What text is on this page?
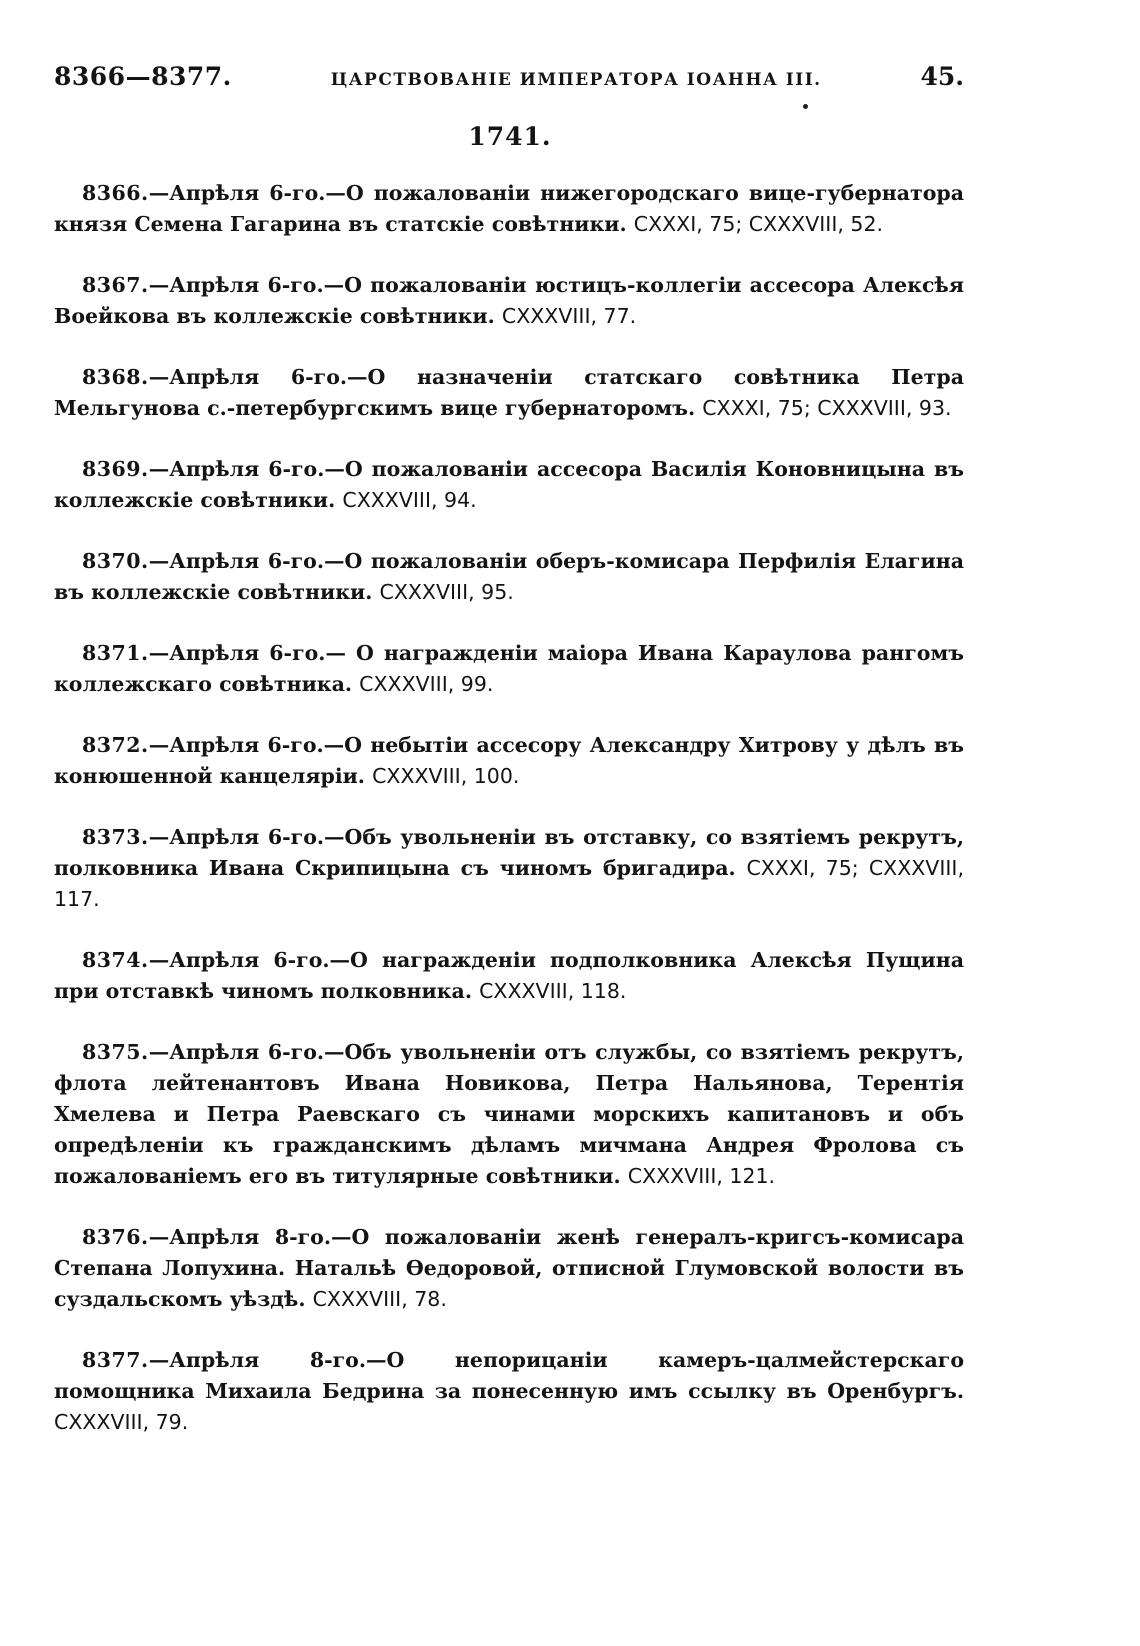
8366—8377.	ЦАРСТВОВАНІЕ ИМПЕРАТОРА ІОАННА III.	45.
1741.

8366.—Апрѣля 6-го.—О пожалованіи нижегородскаго вице-губернатора князя Семена Гагарина въ статскіе совѣтники. CXXXI, 75; CXXXVIII, 52.

8367.—Апрѣля 6-го.—О пожалованіи юстицъ-коллегіи ассесора Алексѣя Воейкова въ коллежскіе совѣтники. CXXXVIII, 77.

8368.—Апрѣля 6-го.—О назначеніи статскаго совѣтника Петра Мельгунова с.-петербургскимъ вице губернаторомъ. CXXXI, 75; CXXXVIII, 93.

8369.—Апрѣля 6-го.—О пожалованіи ассесора Василія Коновницына въ коллежскіе совѣтники. CXXXVIII, 94.

8370.—Апрѣля 6-го.—О пожалованіи оберъ-комисара Перфилія Елагина въ коллежскіе совѣтники. CXXXVIII, 95.

8371.—Апрѣля 6-го.— О награжденіи маіора Ивана Караулова рангомъ коллежскаго совѣтника. CXXXVIII, 99.

8372.—Апрѣля 6-го.—О небытіи ассесору Александру Хитрову у дѣлъ въ конюшенной канцеляріи. CXXXVIII, 100.

8373.—Апрѣля 6-го.—Объ увольненіи въ отставку, со взятіемъ рекрутъ, полковника Ивана Скрипицына съ чиномъ бригадира. CXXXI, 75; CXXXVIII, 117.

8374.—Апрѣля 6-го.—О награжденіи подполковника Алексѣя Пущина при отставкѣ чиномъ полковника. CXXXVIII, 118.

8375.—Апрѣля 6-го.—Объ увольненіи отъ службы, со взятіемъ рекрутъ, флота лейтенантовъ Ивана Новикова, Петра Нальянова, Терентія Хмелева и Петра Раевскаго съ чинами морскихъ капитановъ и объ опредѣленіи къ гражданскимъ дѣламъ мичмана Андрея Фролова съ пожалованіемъ его въ титулярные совѣтники. CXXXVIII, 121.

8376.—Апрѣля 8-го.—О пожалованіи женѣ генералъ-кригсъ-комисара Степана Лопухина. Натальѣ Ѳедоровой, отписной Глумовской волости въ суздальскомъ уѣздѣ. CXXXVIII, 78.

8377.—Апрѣля 8-го.—О непорицаніи камеръ-цалмейстерскаго помощника Михаила Бедрина за понесенную имъ ссылку въ Оренбургъ. CXXXVIII, 79.
